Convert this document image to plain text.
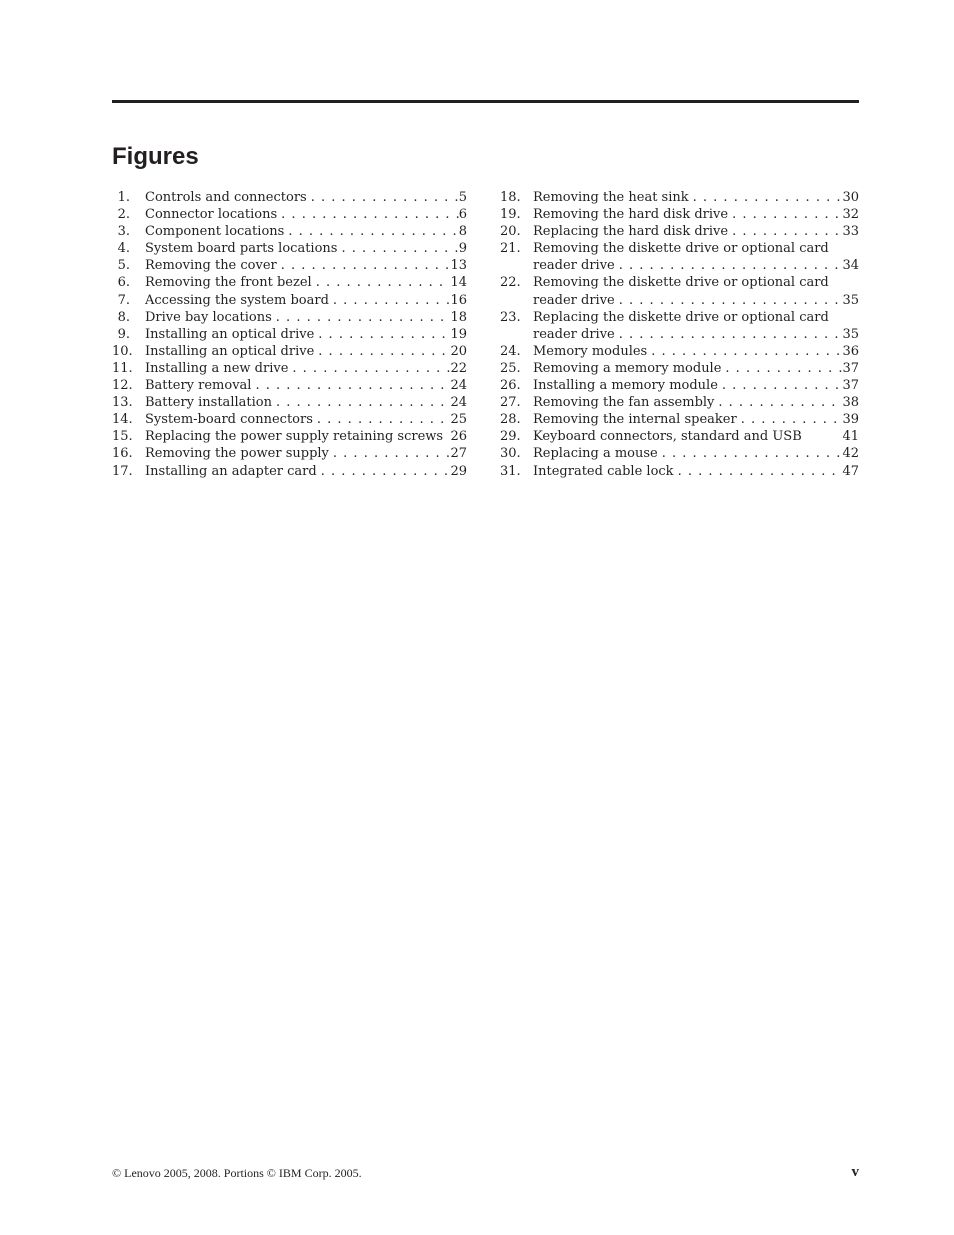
Figures
1. Controls and connectors . . .	5
2. Connector locations . . .	6
3. Component locations . . .	8
4. System board parts locations . . .	9
5. Removing the cover . . .	13
6. Removing the front bezel . . .	14
7. Accessing the system board . . .	16
8. Drive bay locations . . .	18
9. Installing an optical drive . . .	19
10. Installing an optical drive . . .	20
11. Installing a new drive . . .	22
12. Battery removal . . .	24
13. Battery installation . . .	24
14. System-board connectors . . .	25
15. Replacing the power supply retaining screws 26
16. Removing the power supply . . .	27
17. Installing an adapter card . . .	29
18. Removing the heat sink . . .	30
19. Removing the hard disk drive . . .	32
20. Replacing the hard disk drive . . .	33
21. Removing the diskette drive or optional card
reader drive . . .	34
22. Removing the diskette drive or optional card
reader drive . . .	35
23. Replacing the diskette drive or optional card
reader drive . . .	35
24. Memory modules . . .	36
25. Removing a memory module . . .	37
26. Installing a memory module . . .	37
27. Removing the fan assembly . . .	38
28. Removing the internal speaker . . .	39
29. Keyboard connectors, standard and USB	41
30. Replacing a mouse . . .	42
31. Integrated cable lock . . .	47
© Lenovo 2005, 2008. Portions © IBM Corp. 2005.	v
